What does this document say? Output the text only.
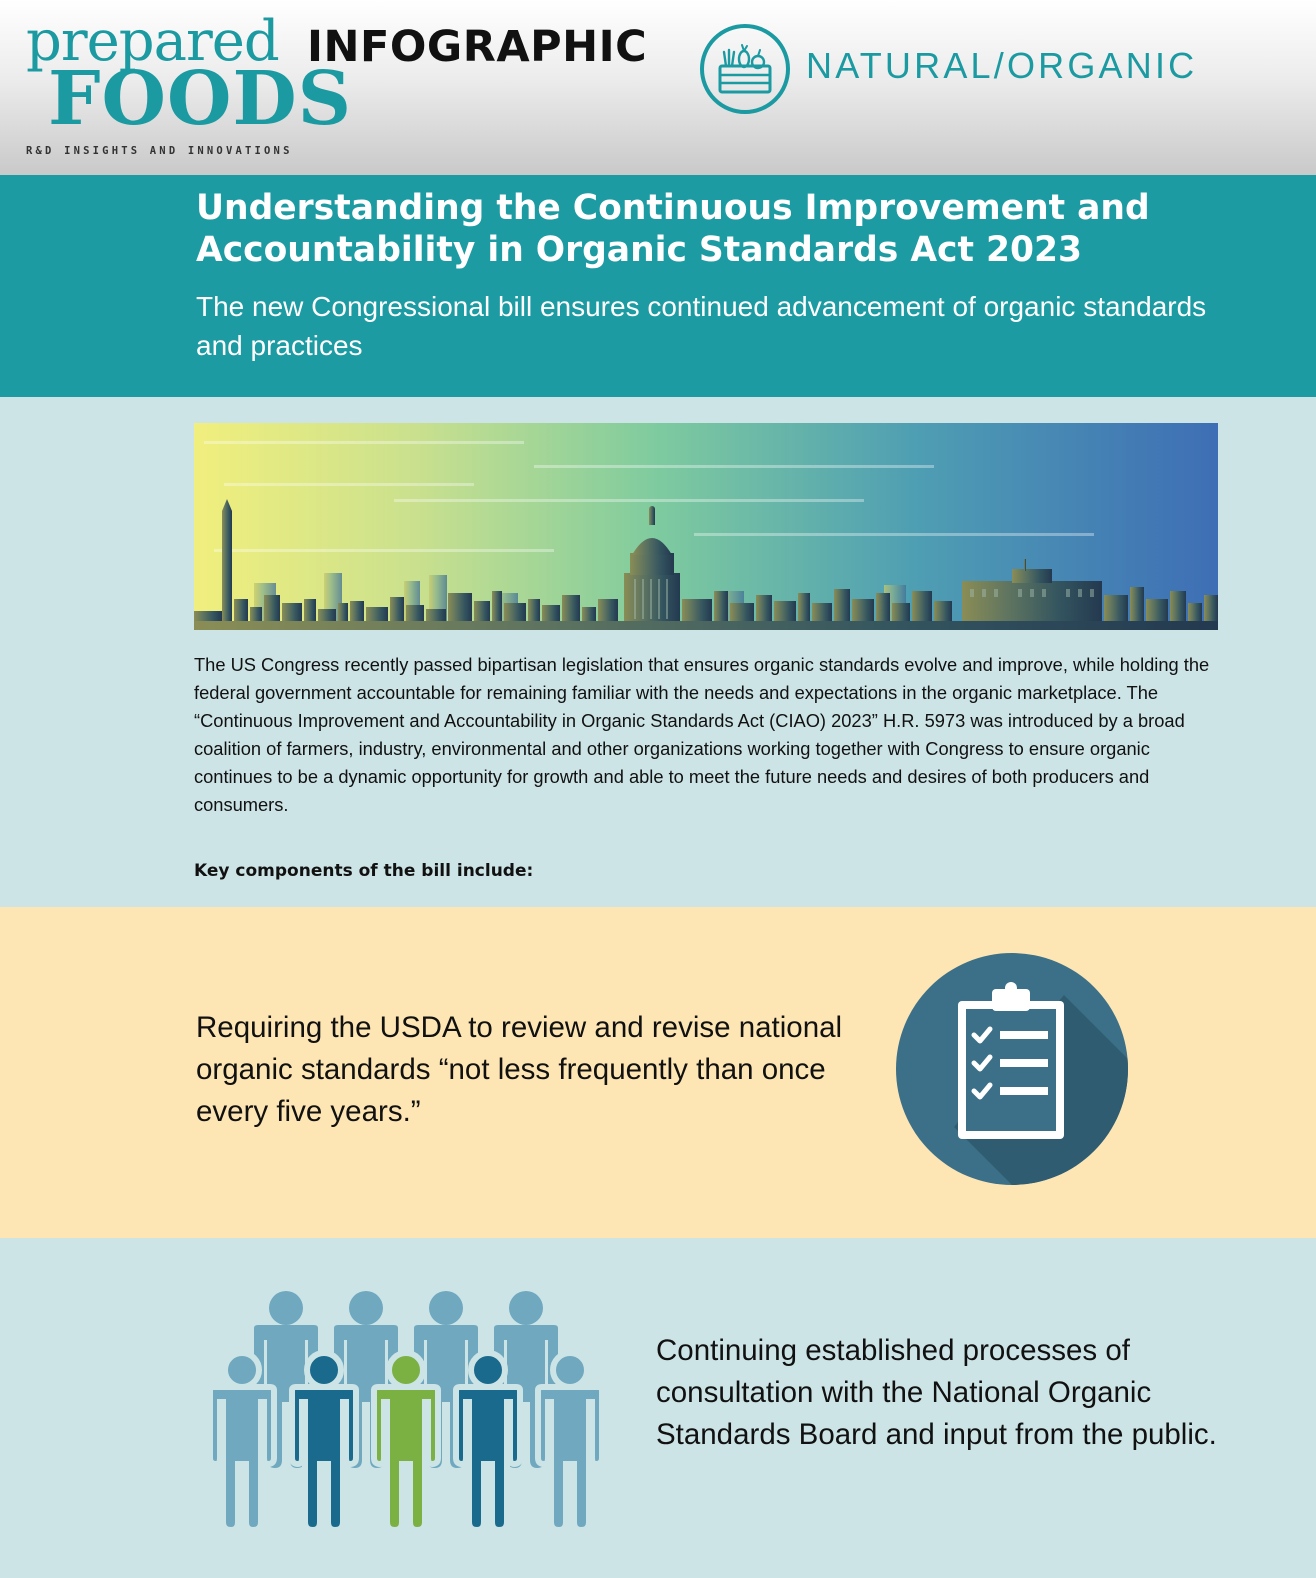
prepared
FOODS
R&D INSIGHTS AND INNOVATIONS
INFOGRAPHIC	NATURAL/ORGANIC
Understanding the Continuous Improvement and Accountability in Organic Standards Act 2023

The new Congressional bill ensures continued advancement of organic standards and practices

The US Congress recently passed bipartisan legislation that ensures organic standards evolve and improve, while holding the federal government accountable for remaining familiar with the needs and expectations in the organic marketplace. The “Continuous Improvement and Accountability in Organic Standards Act (CIAO) 2023” H.R. 5973 was introduced by a broad coalition of farmers, industry, environmental and other organizations working together with Congress to ensure organic continues to be a dynamic opportunity for growth and able to meet the future needs and desires of both producers and consumers.

Key components of the bill include:

Requiring the USDA to review and revise national organic standards “not less frequently than once every five years.”

Continuing established processes of consultation with the National Organic Standards Board and input from the public.
